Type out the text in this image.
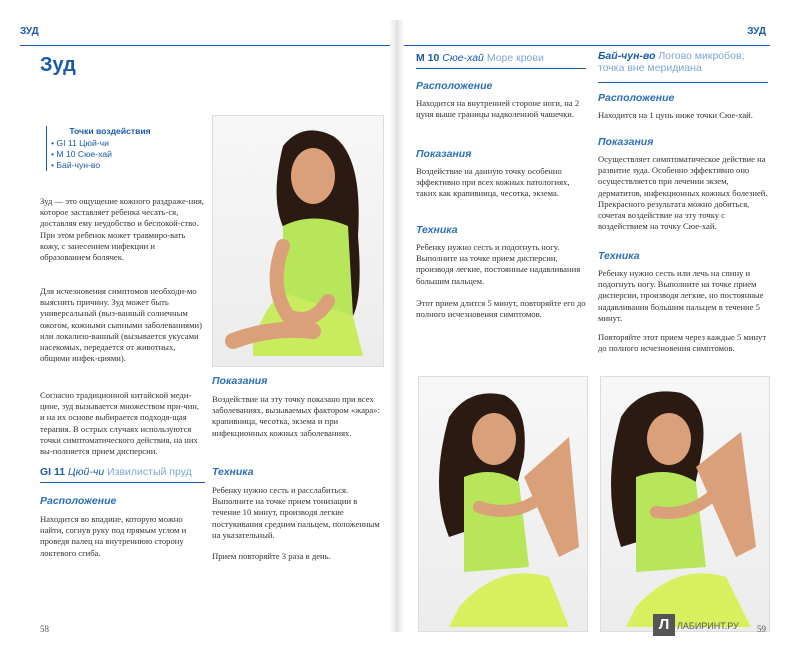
ЗУД
Зуд
Точки воздействия
• GI 11 Цюй-чи
• M 10 Сюе-хай
• Бай-чун-во
Зуд — это ощущение кожного раздраже-ния, которое заставляет ребенка чесать-ся, доставляя ему неудобство и беспокой-ство. При этом ребенок может травмиро-вать кожу, с занесением инфекции и образованием болячек.
Для исчезновения симптомов необходи-мо выяснить причину. Зуд может быть универсальный (выз-ванный солнечным ожогом, кожными сыпными заболеваниями) или локализо-ванный (вызывается укусами насекомых, передается от животных, общими инфек-циями).
Согласно традиционной китайской меди-цине, зуд вызывается множеством при-чин, и на их основе выбирается подходя-щая терапия. В острых случаях используются точки симптоматического действия, на них вы-полняется прием дисперсии.
GI 11 Цюй-чи Извилистый пруд
Расположение
Находится во впадине, которую можно найти, согнув руку под прямым углом и проведя палец на внутреннюю сторону локтевого сгиба.
Показания
Воздействие на эту точку показано при всех заболеваниях, вызываемых фактором «жара»: крапивница, чесотка, экзема и при инфекционных кожных заболеваниях.
Техника
Ребенку нужно сесть и расслабиться. Выполните на точке прием тонизации в течение 10 минут, производя легкие постукивания средним пальцем, положенным на указательный.
Прием повторяйте 3 раза в день.
58
ЗУД
M 10 Сюе-хай Море крови
Расположение
Находится на внутренней стороне ноги, на 2 цуня выше границы надколенной чашечки.
Показания
Воздействие на данную точку особенно эффективно при всех кожных патологиях, таких как крапивница, чесотка, экзема.
Техника
Ребенку нужно сесть и подогнуть ногу. Выполните на точке прием дисперсии, производя легкие, постоянные надавливания большим пальцем.
Этот прием длится 5 минут, повторяйте его до полного исчезновения симптомов.
Бай-чун-во Логово микробов; точка вне меридиана
Расположение
Находится на 1 цунь ниже точки Сюе-хай.
Показания
Осуществляет симптоматическое действие на развитие зуда. Особенно эффективно оно осуществляется при лечении экзем, дерматитов, инфекционных кожных болезней. Прекрасного результата можно добиться, сочетая воздействие на эту точку с воздействием на точку Сюе-хай.
Техника
Ребенку нужно сесть или лечь на спину и подогнуть ногу. Выполните на точке прием дисперсии, производя легкие, но постоянные надавливания большим пальцем в течение 5 минут.
Повторяйте этот прием через каждые 5 минут до полного исчезновения симптомов.
59
Л ЛАБИРИНТ.РУ
